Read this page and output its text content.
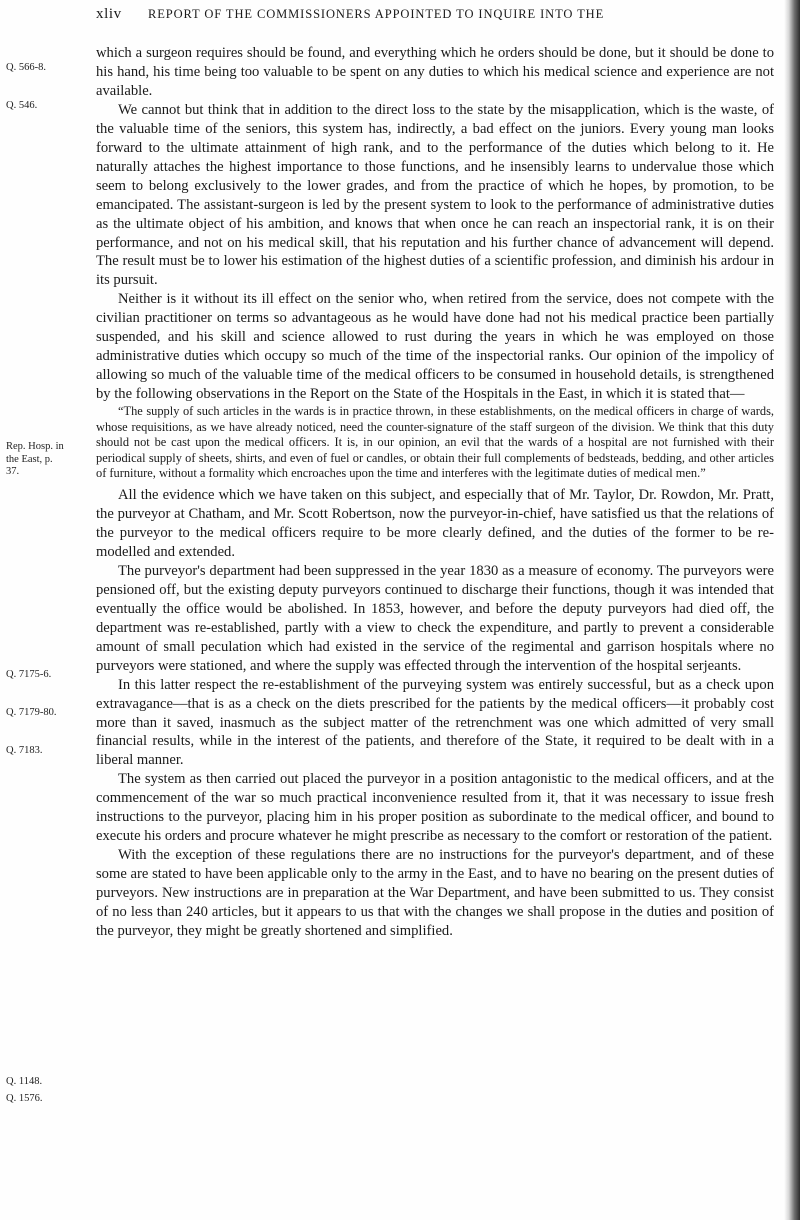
xliv REPORT OF THE COMMISSIONERS APPOINTED TO INQUIRE INTO THE
Q. 566-8.
Q. 546.
Rep. Hosp. in the East, p. 37.
Q. 7175-6.
Q. 7179-80.
Q. 7183.
Q. 1148.
Q. 1576.

which a surgeon requires should be found, and everything which he orders should be done, but it should be done to his hand, his time being too valuable to be spent on any duties to which his medical science and experience are not available.

We cannot but think that in addition to the direct loss to the state by the misapplication, which is the waste, of the valuable time of the seniors, this system has, indirectly, a bad effect on the juniors. Every young man looks forward to the ultimate attainment of high rank, and to the performance of the duties which belong to it. He naturally attaches the highest importance to those functions, and he insensibly learns to undervalue those which seem to belong exclusively to the lower grades, and from the practice of which he hopes, by promotion, to be emancipated. The assistant-surgeon is led by the present system to look to the performance of administrative duties as the ultimate object of his ambition, and knows that when once he can reach an inspectorial rank, it is on their performance, and not on his medical skill, that his reputation and his further chance of advancement will depend. The result must be to lower his estimation of the highest duties of a scientific profession, and diminish his ardour in its pursuit.

Neither is it without its ill effect on the senior who, when retired from the service, does not compete with the civilian practitioner on terms so advantageous as he would have done had not his medical practice been partially suspended, and his skill and science allowed to rust during the years in which he was employed on those administrative duties which occupy so much of the time of the inspectorial ranks. Our opinion of the impolicy of allowing so much of the valuable time of the medical officers to be consumed in household details, is strengthened by the following observations in the Report on the State of the Hospitals in the East, in which it is stated that—

“The supply of such articles in the wards is in practice thrown, in these establishments, on the medical officers in charge of wards, whose requisitions, as we have already noticed, need the counter-signature of the staff surgeon of the division. We think that this duty should not be cast upon the medical officers. It is, in our opinion, an evil that the wards of a hospital are not furnished with their periodical supply of sheets, shirts, and even of fuel or candles, or obtain their full complements of bedsteads, bedding, and other articles of furniture, without a formality which encroaches upon the time and interferes with the legitimate duties of medical men.”

All the evidence which we have taken on this subject, and especially that of Mr. Taylor, Dr. Rowdon, Mr. Pratt, the purveyor at Chatham, and Mr. Scott Robertson, now the purveyor-in-chief, have satisfied us that the relations of the purveyor to the medical officers require to be more clearly defined, and the duties of the former to be re-modelled and extended.

The purveyor's department had been suppressed in the year 1830 as a measure of economy. The purveyors were pensioned off, but the existing deputy purveyors continued to discharge their functions, though it was intended that eventually the office would be abolished. In 1853, however, and before the deputy purveyors had died off, the department was re-established, partly with a view to check the expenditure, and partly to prevent a considerable amount of small peculation which had existed in the service of the regimental and garrison hospitals where no purveyors were stationed, and where the supply was effected through the intervention of the hospital serjeants.

In this latter respect the re-establishment of the purveying system was entirely successful, but as a check upon extravagance—that is as a check on the diets prescribed for the patients by the medical officers—it probably cost more than it saved, inasmuch as the subject matter of the retrenchment was one which admitted of very small financial results, while in the interest of the patients, and therefore of the State, it required to be dealt with in a liberal manner.

The system as then carried out placed the purveyor in a position antagonistic to the medical officers, and at the commencement of the war so much practical inconvenience resulted from it, that it was necessary to issue fresh instructions to the purveyor, placing him in his proper position as subordinate to the medical officer, and bound to execute his orders and procure whatever he might prescribe as necessary to the comfort or restoration of the patient.

With the exception of these regulations there are no instructions for the purveyor's department, and of these some are stated to have been applicable only to the army in the East, and to have no bearing on the present duties of purveyors. New instructions are in preparation at the War Department, and have been submitted to us. They consist of no less than 240 articles, but it appears to us that with the changes we shall propose in the duties and position of the purveyor, they might be greatly shortened and simplified.
